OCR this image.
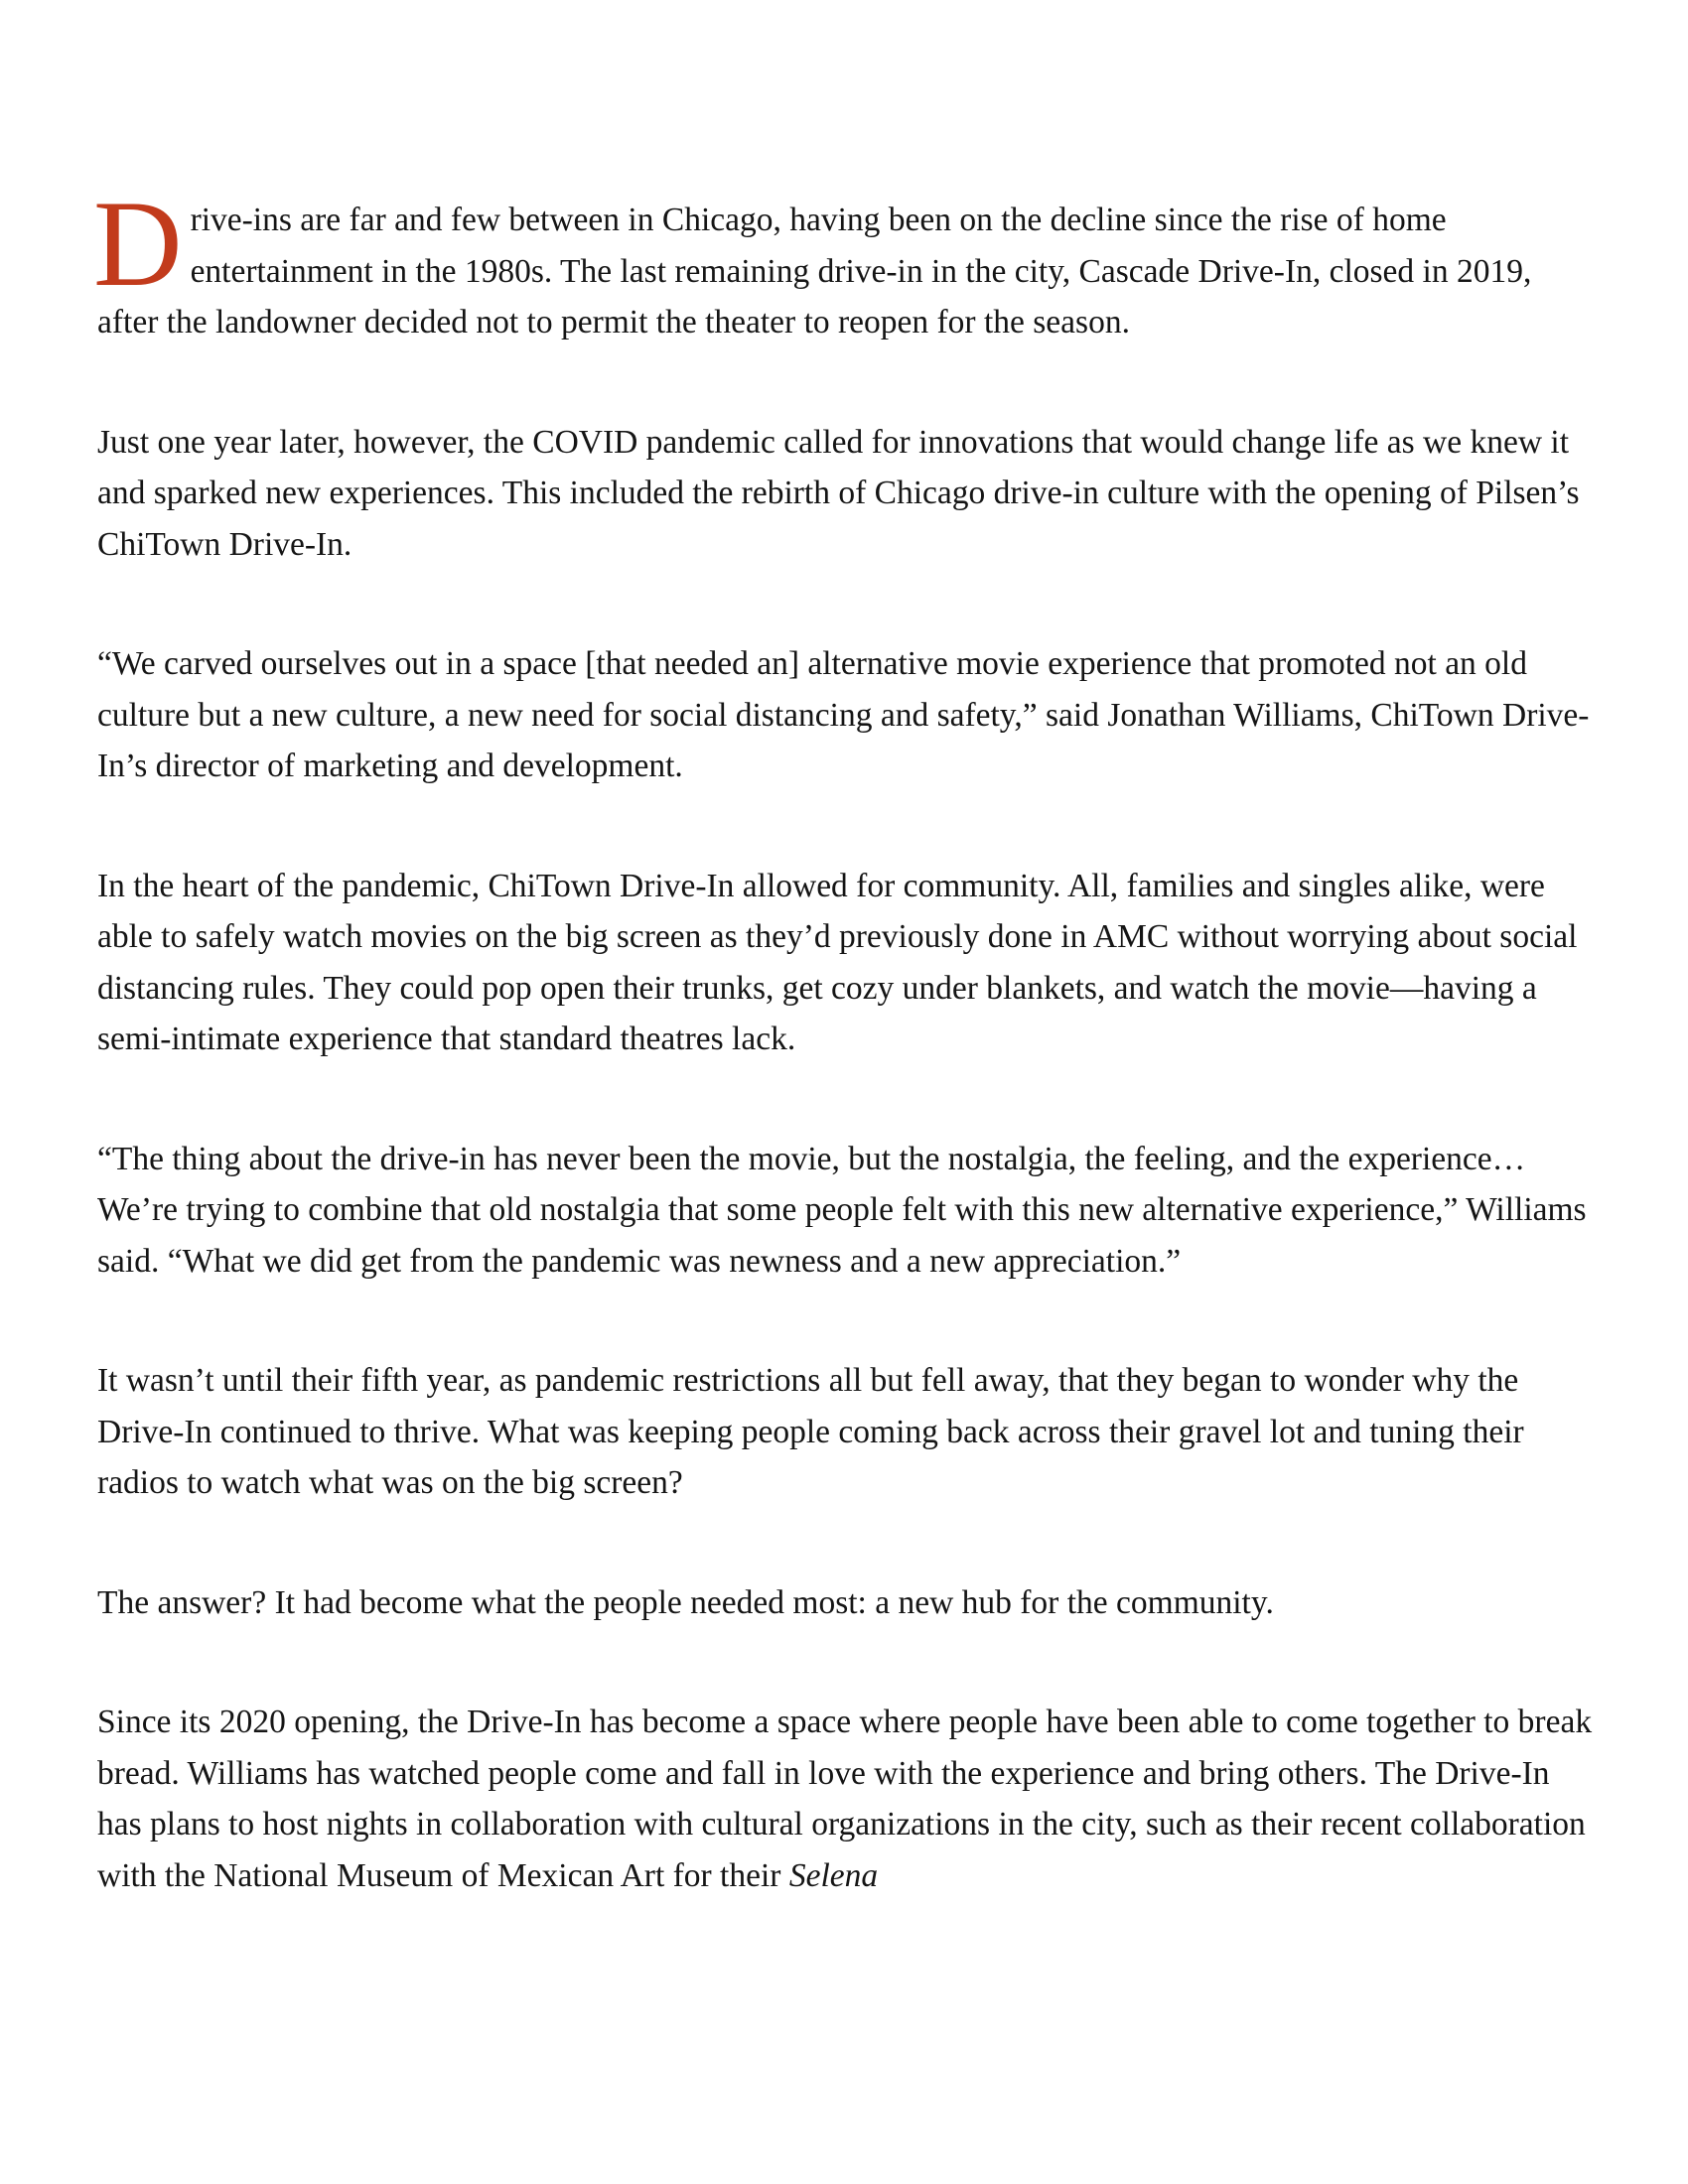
Drive-ins are far and few between in Chicago, having been on the decline since the rise of home entertainment in the 1980s. The last remaining drive-in in the city, Cascade Drive-In, closed in 2019, after the landowner decided not to permit the theater to reopen for the season.

Just one year later, however, the COVID pandemic called for innovations that would change life as we knew it and sparked new experiences. This included the rebirth of Chicago drive-in culture with the opening of Pilsen’s ChiTown Drive-In.

“We carved ourselves out in a space [that needed an] alternative movie experience that promoted not an old culture but a new culture, a new need for social distancing and safety,” said Jonathan Williams, ChiTown Drive-In’s director of marketing and development.

In the heart of the pandemic, ChiTown Drive-In allowed for community. All, families and singles alike, were able to safely watch movies on the big screen as they’d previously done in AMC without worrying about social distancing rules. They could pop open their trunks, get cozy under blankets, and watch the movie—having a semi-intimate experience that standard theatres lack.

“The thing about the drive-in has never been the movie, but the nostalgia, the feeling, and the experience…We’re trying to combine that old nostalgia that some people felt with this new alternative experience,” Williams said. “What we did get from the pandemic was newness and a new appreciation.”

It wasn’t until their fifth year, as pandemic restrictions all but fell away, that they began to wonder why the Drive-In continued to thrive. What was keeping people coming back across their gravel lot and tuning their radios to watch what was on the big screen?

The answer? It had become what the people needed most: a new hub for the community.

Since its 2020 opening, the Drive-In has become a space where people have been able to come together to break bread. Williams has watched people come and fall in love with the experience and bring others. The Drive-In has plans to host nights in collaboration with cultural organizations in the city, such as their recent collaboration with the National Museum of Mexican Art for their Selena
